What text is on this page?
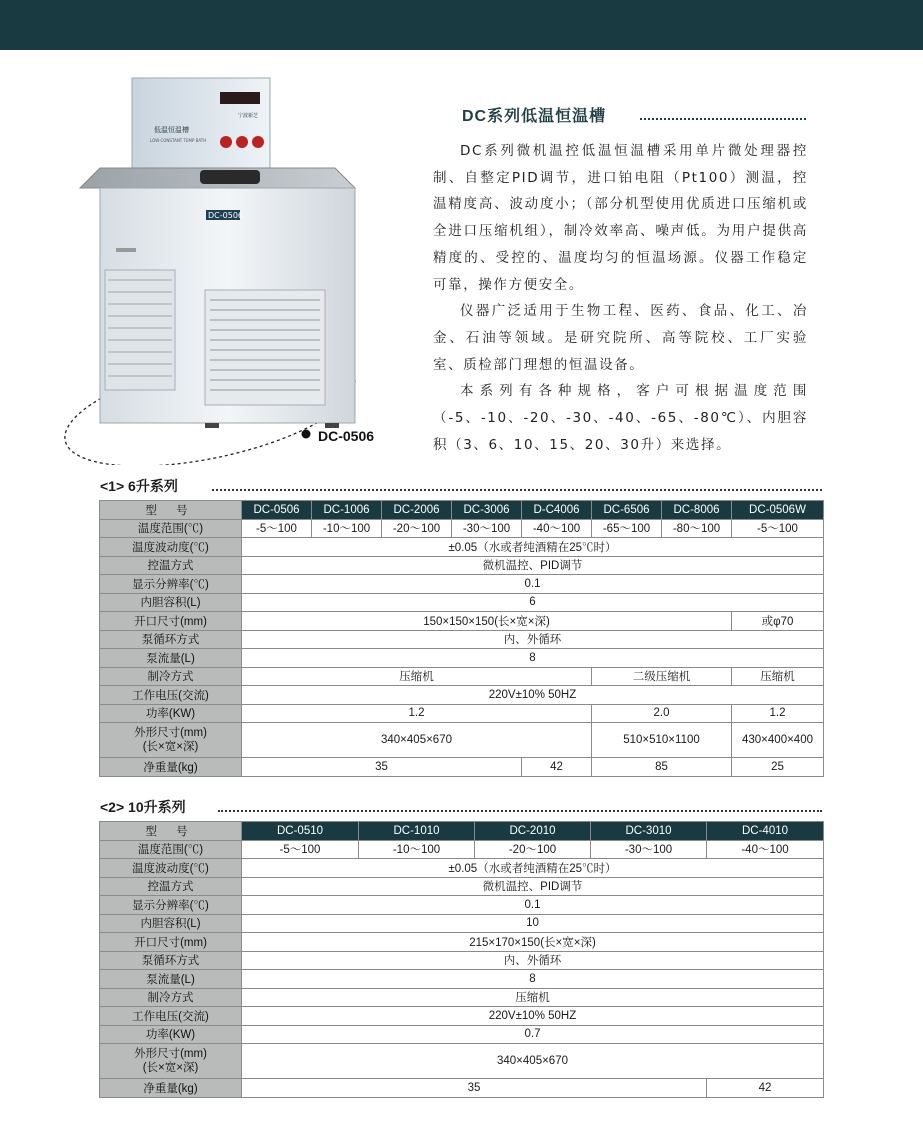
低温恒温槽
LOW-CONSTANT TEMP BATH
宁波新芝
DC-0506
DC-0506
DC系列低温恒温槽

DC系列微机温控低温恒温槽采用单片微处理器控制、自整定PID调节，进口铂电阻（Pt100）测温，控温精度高、波动度小；（部分机型使用优质进口压缩机或全进口压缩机组），制冷效率高、噪声低。为用户提供高精度的、受控的、温度均匀的恒温场源。仪器工作稳定可靠，操作方便安全。

仪器广泛适用于生物工程、医药、食品、化工、冶金、石油等领域。是研究院所、高等院校、工厂实验室、质检部门理想的恒温设备。

本系列有各种规格，客户可根据温度范围（-5、-10、-20、-30、-40、-65、-80℃）、内胆容积（3、6、10、15、20、30升）来选择。

<1> 6升系列
型 号	DC-0506	DC-1006	DC-2006	DC-3006	D-C4006	DC-6506	DC-8006	DC-0506W
温度范围(℃)	-5～100	-10～100	-20～100	-30～100	-40～100	-65～100	-80～100	-5～100
温度波动度(℃)	±0.05（水或者纯酒精在25℃时）							
控温方式	微机温控、PID调节							
显示分辨率(℃)	0.1							
内胆容积(L)	6							
开口尺寸(mm)	150×150×150(长×宽×深)							或φ70
泵循环方式	内、外循环							
泵流量(L)	8							
制冷方式	压缩机					二级压缩机		压缩机
工作电压(交流)	220V±10% 50HZ							
功率(KW)	1.2					2.0		1.2

外形尺寸(mm)
(长×宽×深)	340×405×670					510×510×1100		430×400×400
净重量(kg)	35				42	85		25
<2> 10升系列
型 号	DC-0510	DC-1010	DC-2010	DC-3010	DC-4010
温度范围(℃)	-5～100	-10～100	-20～100	-30～100	-40～100
温度波动度(℃)	±0.05（水或者纯酒精在25℃时）				
控温方式	微机温控、PID调节				
显示分辨率(℃)	0.1				
内胆容积(L)	10				
开口尺寸(mm)	215×170×150(长×宽×深)				
泵循环方式	内、外循环				
泵流量(L)	8				
制冷方式	压缩机				
工作电压(交流)	220V±10% 50HZ				
功率(KW)	0.7				

外形尺寸(mm)
(长×宽×深)	340×405×670				
净重量(kg)	35				42
